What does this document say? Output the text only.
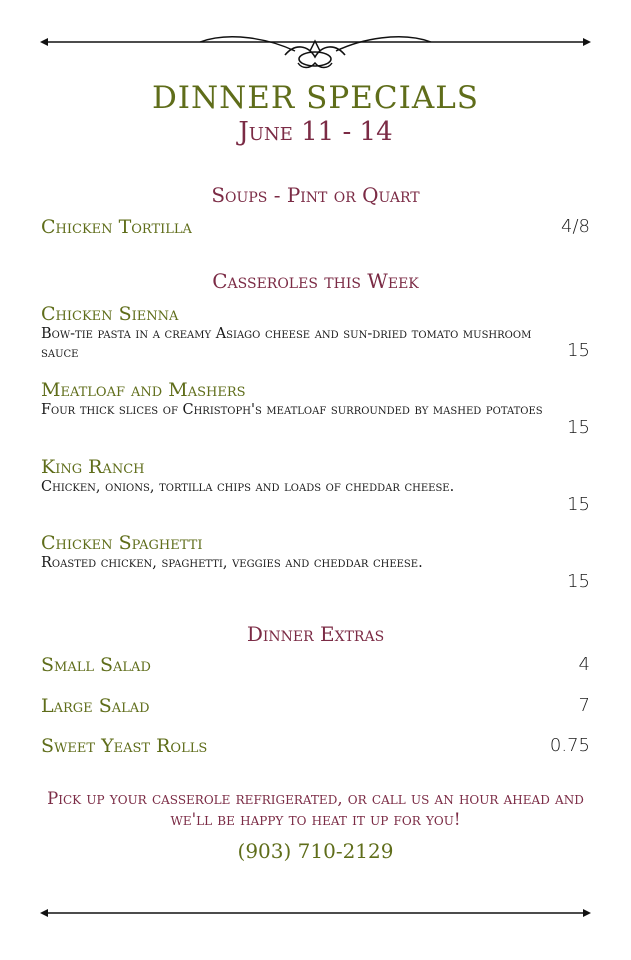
DINNER SPECIALS
June 11 - 14
Soups - Pint or Quart
Chicken Tortilla	4/8
Casseroles this Week
Chicken Sienna
Bow-tie pasta in a creamy Asiago cheese and sun-dried tomato mushroom sauce	15
Meatloaf and Mashers
Four thick slices of Christoph's meatloaf surrounded by mashed potatoes
15
King Ranch
Chicken, onions, tortilla chips and loads of cheddar cheese.
15
Chicken Spaghetti
Roasted chicken, spaghetti, veggies and cheddar cheese.
15
Dinner Extras
Small Salad	4
Large Salad	7
Sweet Yeast Rolls	0.75
Pick up your casserole refrigerated, or call us an hour ahead and we'll be happy to heat it up for you!
(903) 710-2129
